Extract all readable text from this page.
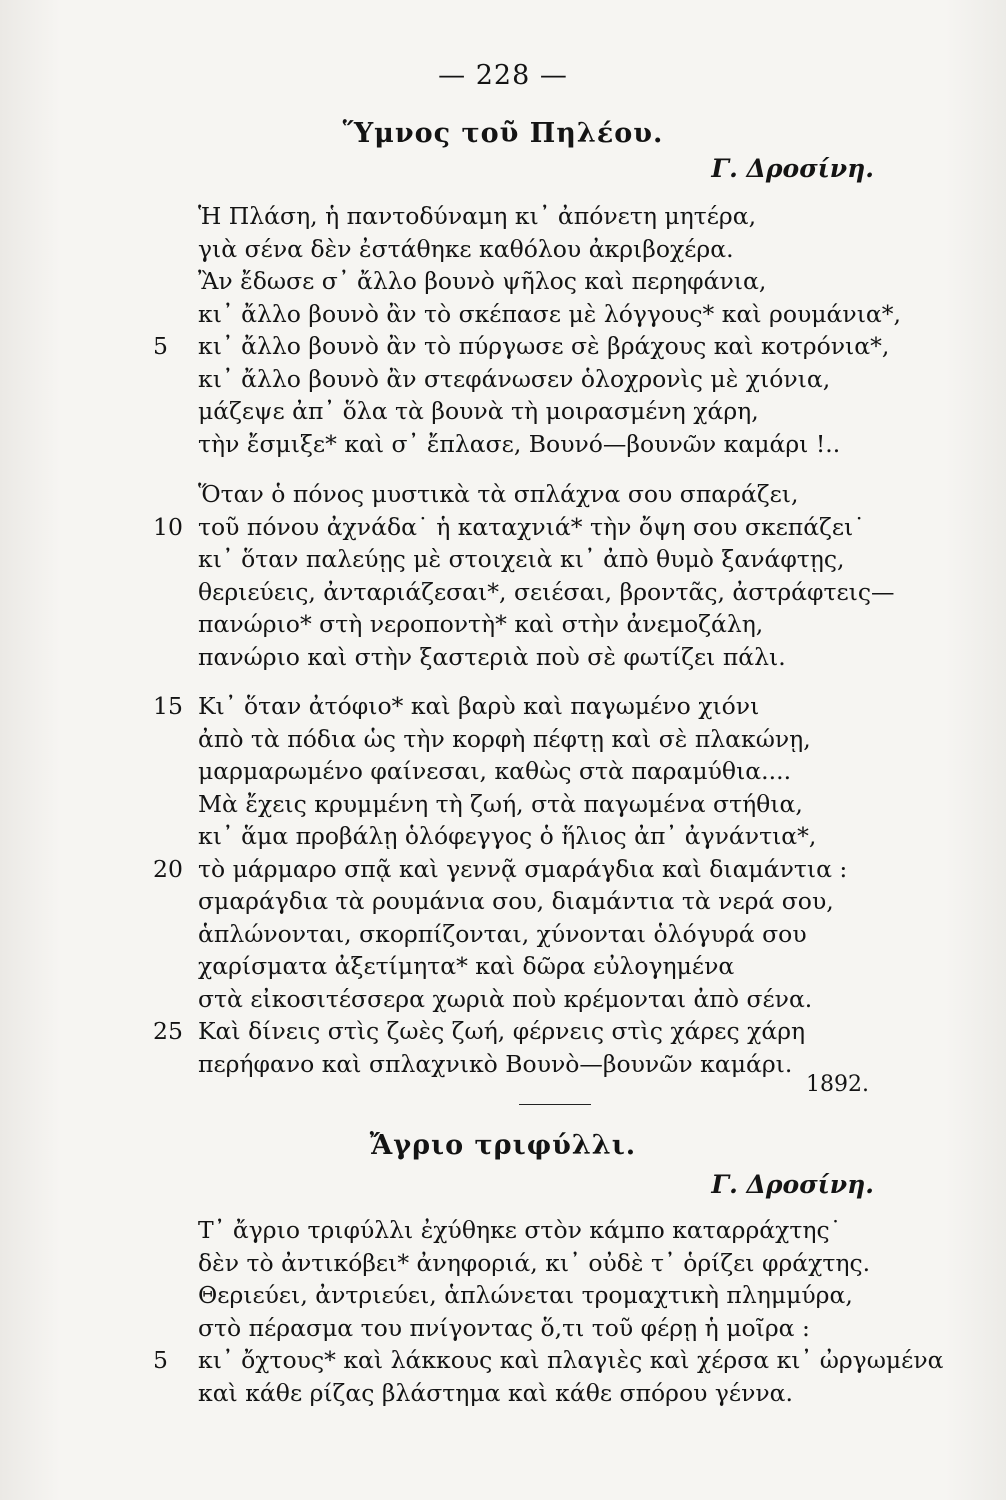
— 228 —
Ὕμνος τοῦ Πηλέου.
Γ. Δροσίνη.
Ἡ Πλάση, ἡ παντοδύναμη κι᾽ ἀπόνετη μητέρα,
γιὰ σένα δὲν ἐστάθηκε καθόλου ἀκριβοχέρα.
Ἂν ἔδωσε σ᾽ ἄλλο βουνὸ ψῆλος καὶ περηφάνια,
κι᾽ ἄλλο βουνὸ ἂν τὸ σκέπασε μὲ λόγγους* καὶ ρουμάνια*,
5	κι᾽ ἄλλο βουνὸ ἂν τὸ πύργωσε σὲ βράχους καὶ κοτρόνια*,
κι᾽ ἄλλο βουνὸ ἂν στεφάνωσεν ὁλοχρονὶς μὲ χιόνια,
μάζεψε ἀπ᾽ ὅλα τὰ βουνὰ τὴ μοιρασμένη χάρη,
τὴν ἔσμιξε* καὶ σ᾽ ἔπλασε, Βουνό—βουνῶν καμάρι !..
Ὅταν ὁ πόνος μυστικὰ τὰ σπλάχνα σου σπαράζει,
10 τοῦ πόνου ἀχνάδα˙ ἡ καταχνιά* τὴν ὄψη σου σκεπάζει˙
κι᾽ ὅταν παλεύῃς μὲ στοιχειὰ κι᾽ ἀπὸ θυμὸ ξανάφτῃς,
θεριεύεις, ἀνταριάζεσαι*, σειέσαι, βροντᾶς, ἀστράφτεις—
πανώριο* στὴ νεροποντὴ* καὶ στὴν ἀνεμοζάλη,
πανώριο καὶ στὴν ξαστεριὰ ποὺ σὲ φωτίζει πάλι.
15 Κι᾽ ὅταν ἀτόφιο* καὶ βαρὺ καὶ παγωμένο χιόνι
ἀπὸ τὰ πόδια ὡς τὴν κορφὴ πέφτῃ καὶ σὲ πλακώνῃ,
μαρμαρωμένο φαίνεσαι, καθὼς στὰ παραμύθια....
Μὰ ἔχεις κρυμμένη τὴ ζωή, στὰ παγωμένα στήθια,
κι᾽ ἅμα προβάλῃ ὁλόφεγγος ὁ ἥλιος ἀπ᾽ ἀγνάντια*,
20 τὸ μάρμαρο σπᾷ καὶ γεννᾷ σμαράγδια καὶ διαμάντια :
σμαράγδια τὰ ρουμάνια σου, διαμάντια τὰ νερά σου,
ἁπλώνονται, σκορπίζονται, χύνονται ὁλόγυρά σου
χαρίσματα ἀξετίμητα* καὶ δῶρα εὐλογημένα
στὰ εἰκοσιτέσσερα χωριὰ ποὺ κρέμονται ἀπὸ σένα.
25 Καὶ δίνεις στὶς ζωὲς ζωή, φέρνεις στὶς χάρες χάρη
περήφανο καὶ σπλαχνικὸ Βουνὸ—βουνῶν καμάρι.
1892.
Ἄγριο τριφύλλι.
Γ. Δροσίνη.
Τ᾽ ἄγριο τριφύλλι ἐχύθηκε στὸν κάμπο καταρράχτης˙
δὲν τὸ ἀντικόβει* ἀνηφοριά, κι᾽ οὐδὲ τ᾽ ὁρίζει φράχτης.
Θεριεύει, ἀντριεύει, ἁπλώνεται τρομαχτικὴ πλημμύρα,
στὸ πέρασμα του πνίγοντας ὅ,τι τοῦ φέρῃ ἡ μοῖρα :
5	κι᾽ ὄχτους* καὶ λάκκους καὶ πλαγιὲς καὶ χέρσα κι᾽ ὠργωμένα
καὶ κάθε ρίζας βλάστημα καὶ κάθε σπόρου γέννα.
